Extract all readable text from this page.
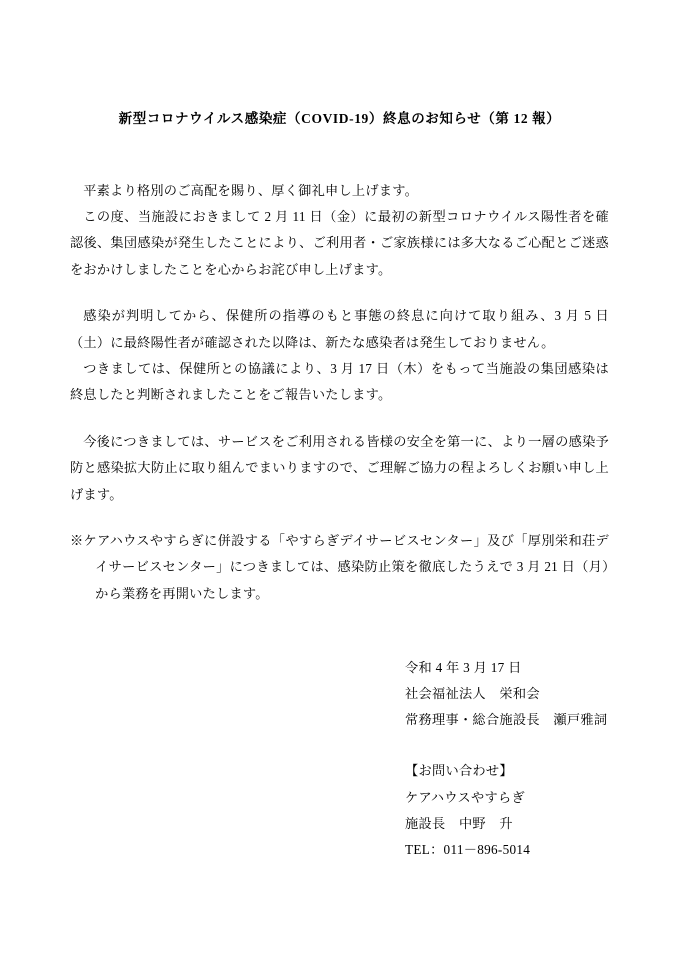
新型コロナウイルス感染症（COVID-19）終息のお知らせ（第 12 報）

平素より格別のご高配を賜り、厚く御礼申し上げます。

この度、当施設におきまして 2 月 11 日（金）に最初の新型コロナウイルス陽性者を確認後、集団感染が発生したことにより、ご利用者・ご家族様には多大なるご心配とご迷惑をおかけしましたことを心からお詫び申し上げます。

感染が判明してから、保健所の指導のもと事態の終息に向けて取り組み、3 月 5 日（土）に最終陽性者が確認された以降は、新たな感染者は発生しておりません。

つきましては、保健所との協議により、3 月 17 日（木）をもって当施設の集団感染は終息したと判断されましたことをご報告いたします。

今後につきましては、サービスをご利用される皆様の安全を第一に、より一層の感染予防と感染拡大防止に取り組んでまいりますので、ご理解ご協力の程よろしくお願い申し上げます。

※ケアハウスやすらぎに併設する「やすらぎデイサービスセンター」及び「厚別栄和荘デイサービスセンター」につきましては、感染防止策を徹底したうえで 3 月 21 日（月）から業務を再開いたします。

令和 4 年 3 月 17 日
社会福祉法人　栄和会
常務理事・総合施設長　瀬戸雅詞
【お問い合わせ】
ケアハウスやすらぎ
施設長　中野　升
TEL：011－896-5014
